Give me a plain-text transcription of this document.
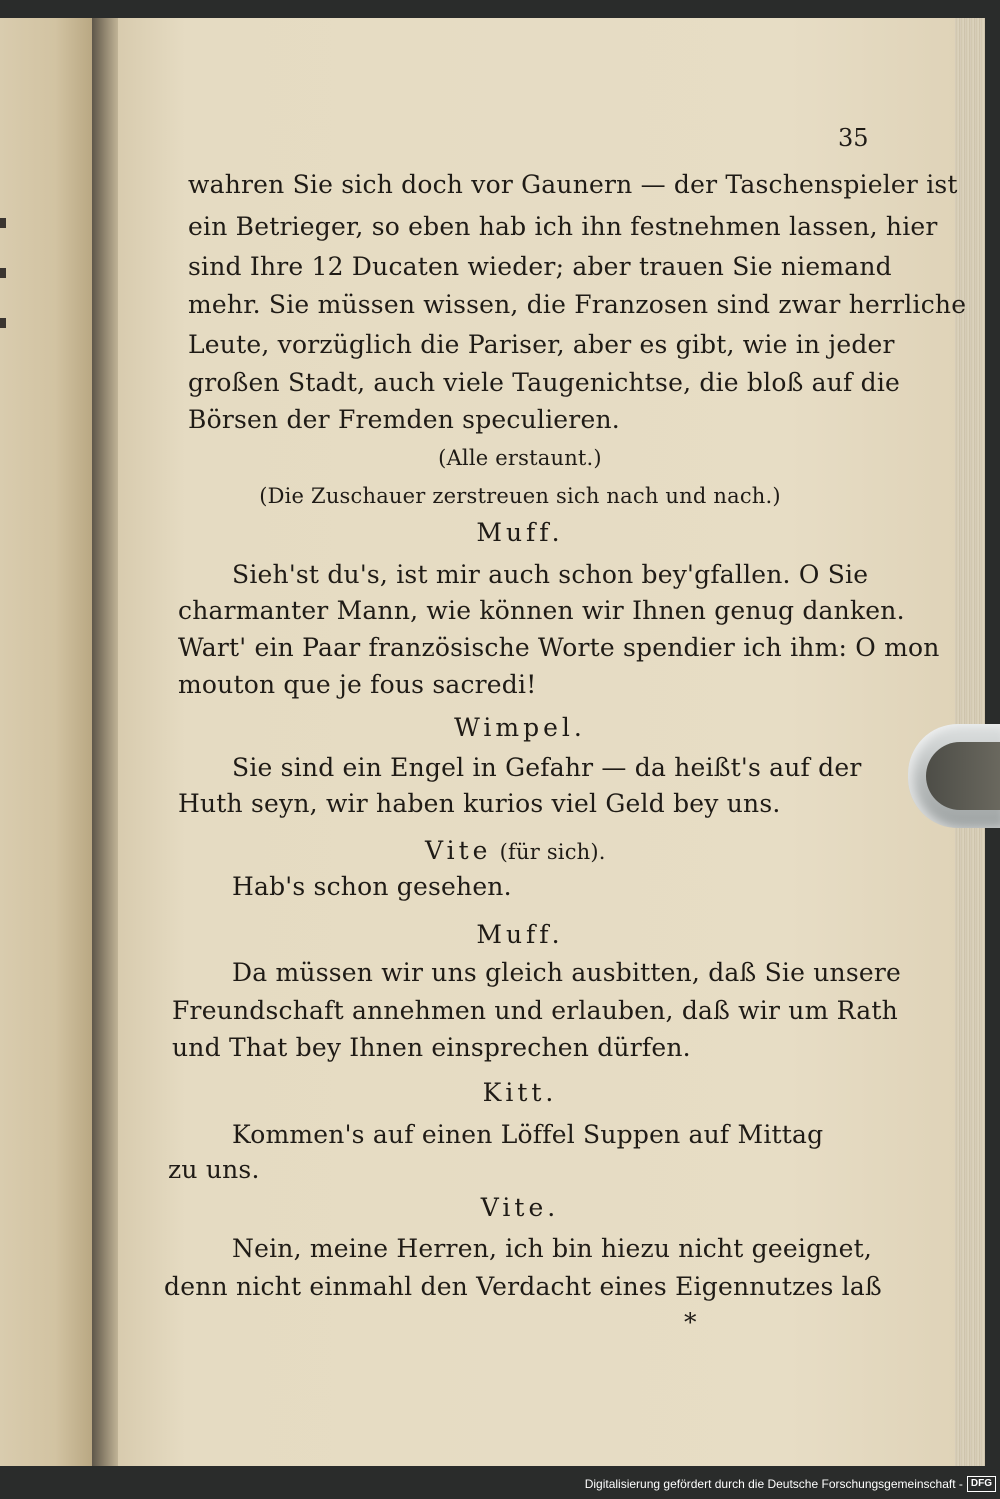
35
wahren Sie sich doch vor Gaunern — der Taschenspieler ist
ein Betrieger, so eben hab ich ihn festnehmen lassen, hier
sind Ihre 12 Ducaten wieder; aber trauen Sie niemand
mehr. Sie müssen wissen, die Franzosen sind zwar herrliche
Leute, vorzüglich die Pariser, aber es gibt, wie in jeder
großen Stadt, auch viele Taugenichtse, die bloß auf die
Börsen der Fremden speculieren.
(Alle erstaunt.)
(Die Zuschauer zerstreuen sich nach und nach.)
Muff.
Sieh'st du's, ist mir auch schon bey'gfallen. O Sie
charmanter Mann, wie können wir Ihnen genug danken.
Wart' ein Paar französische Worte spendier ich ihm: O mon
mouton que je fous sacredi!
Wimpel.
Sie sind ein Engel in Gefahr — da heißt's auf der
Huth seyn, wir haben kurios viel Geld bey uns.
Vite (für sich).
Hab's schon gesehen.
Muff.
Da müssen wir uns gleich ausbitten, daß Sie unsere
Freundschaft annehmen und erlauben, daß wir um Rath
und That bey Ihnen einsprechen dürfen.
Kitt.
Kommen's auf einen Löffel Suppen auf Mittag
zu uns.
Vite.
Nein, meine Herren, ich bin hiezu nicht geeignet,
denn nicht einmahl den Verdacht eines Eigennutzes laß
*
Digitalisierung gefördert durch die Deutsche Forschungsgemeinschaft - DFG
